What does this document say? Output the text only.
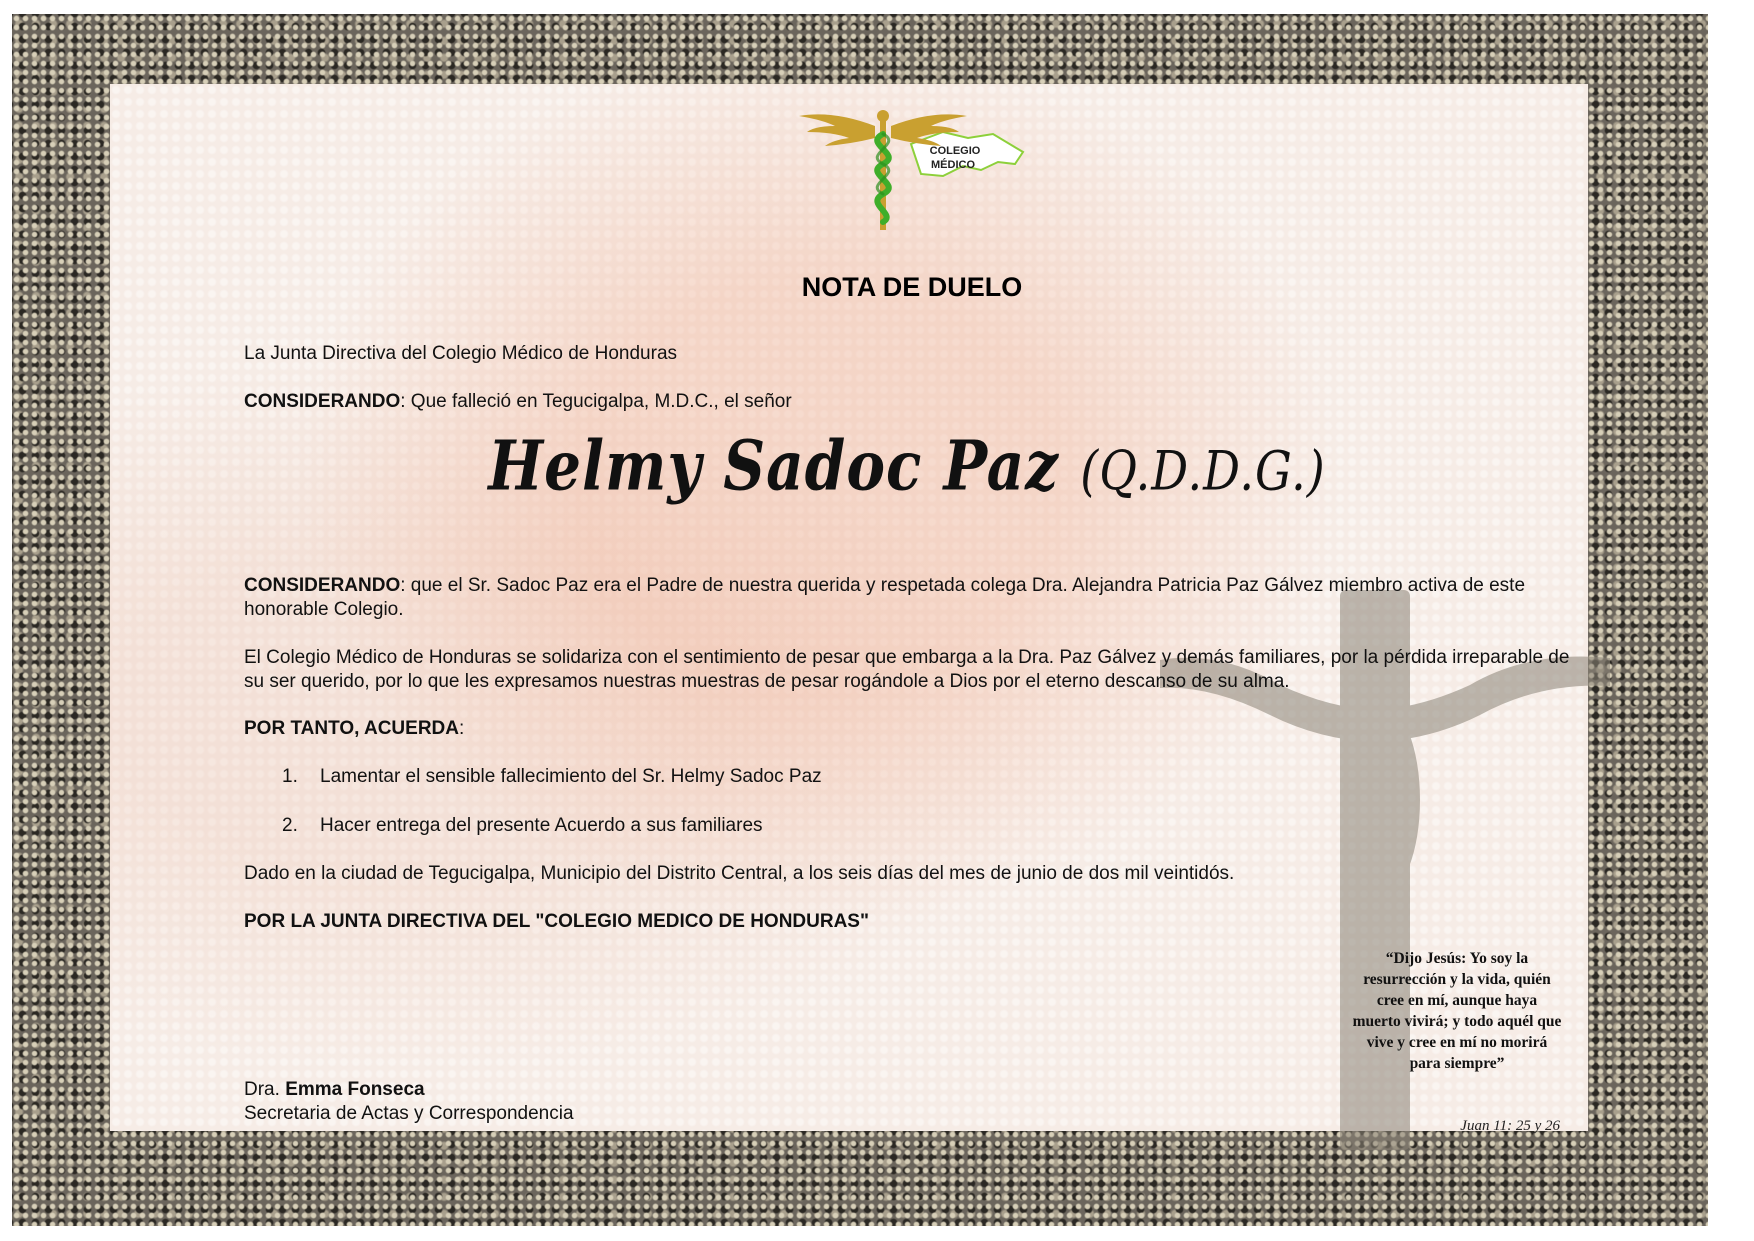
COLEGIO
MÉDICO
NOTA DE DUELO
La Junta Directiva del Colegio Médico de Honduras
CONSIDERANDO: Que falleció en Tegucigalpa, M.D.C., el señor
Helmy Sadoc Paz (Q.D.D.G.)
CONSIDERANDO: que el Sr. Sadoc Paz era el Padre de nuestra querida y respetada colega Dra. Alejandra Patricia Paz Gálvez miembro activa de este honorable Colegio.
El Colegio Médico de Honduras se solidariza con el sentimiento de pesar que embarga a la Dra. Paz Gálvez y demás familiares, por la pérdida irreparable de su ser querido, por lo que les expresamos nuestras muestras de pesar rogándole a Dios por el eterno descanso de su alma.
POR TANTO, ACUERDA:
1. Lamentar el sensible fallecimiento del Sr. Helmy Sadoc Paz
2. Hacer entrega del presente Acuerdo a sus familiares
Dado en la ciudad de Tegucigalpa, Municipio del Distrito Central, a los seis días del mes de junio de dos mil veintidós.
POR LA JUNTA DIRECTIVA DEL "COLEGIO MEDICO DE HONDURAS"
Dra. Emma Fonseca
Secretaria de Actas y Correspondencia
“Dijo Jesús: Yo soy la resurrección y la vida, quién cree en mí, aunque haya muerto vivirá; y todo aquél que vive y cree en mí no morirá para siempre”
Juan 11: 25 y 26
